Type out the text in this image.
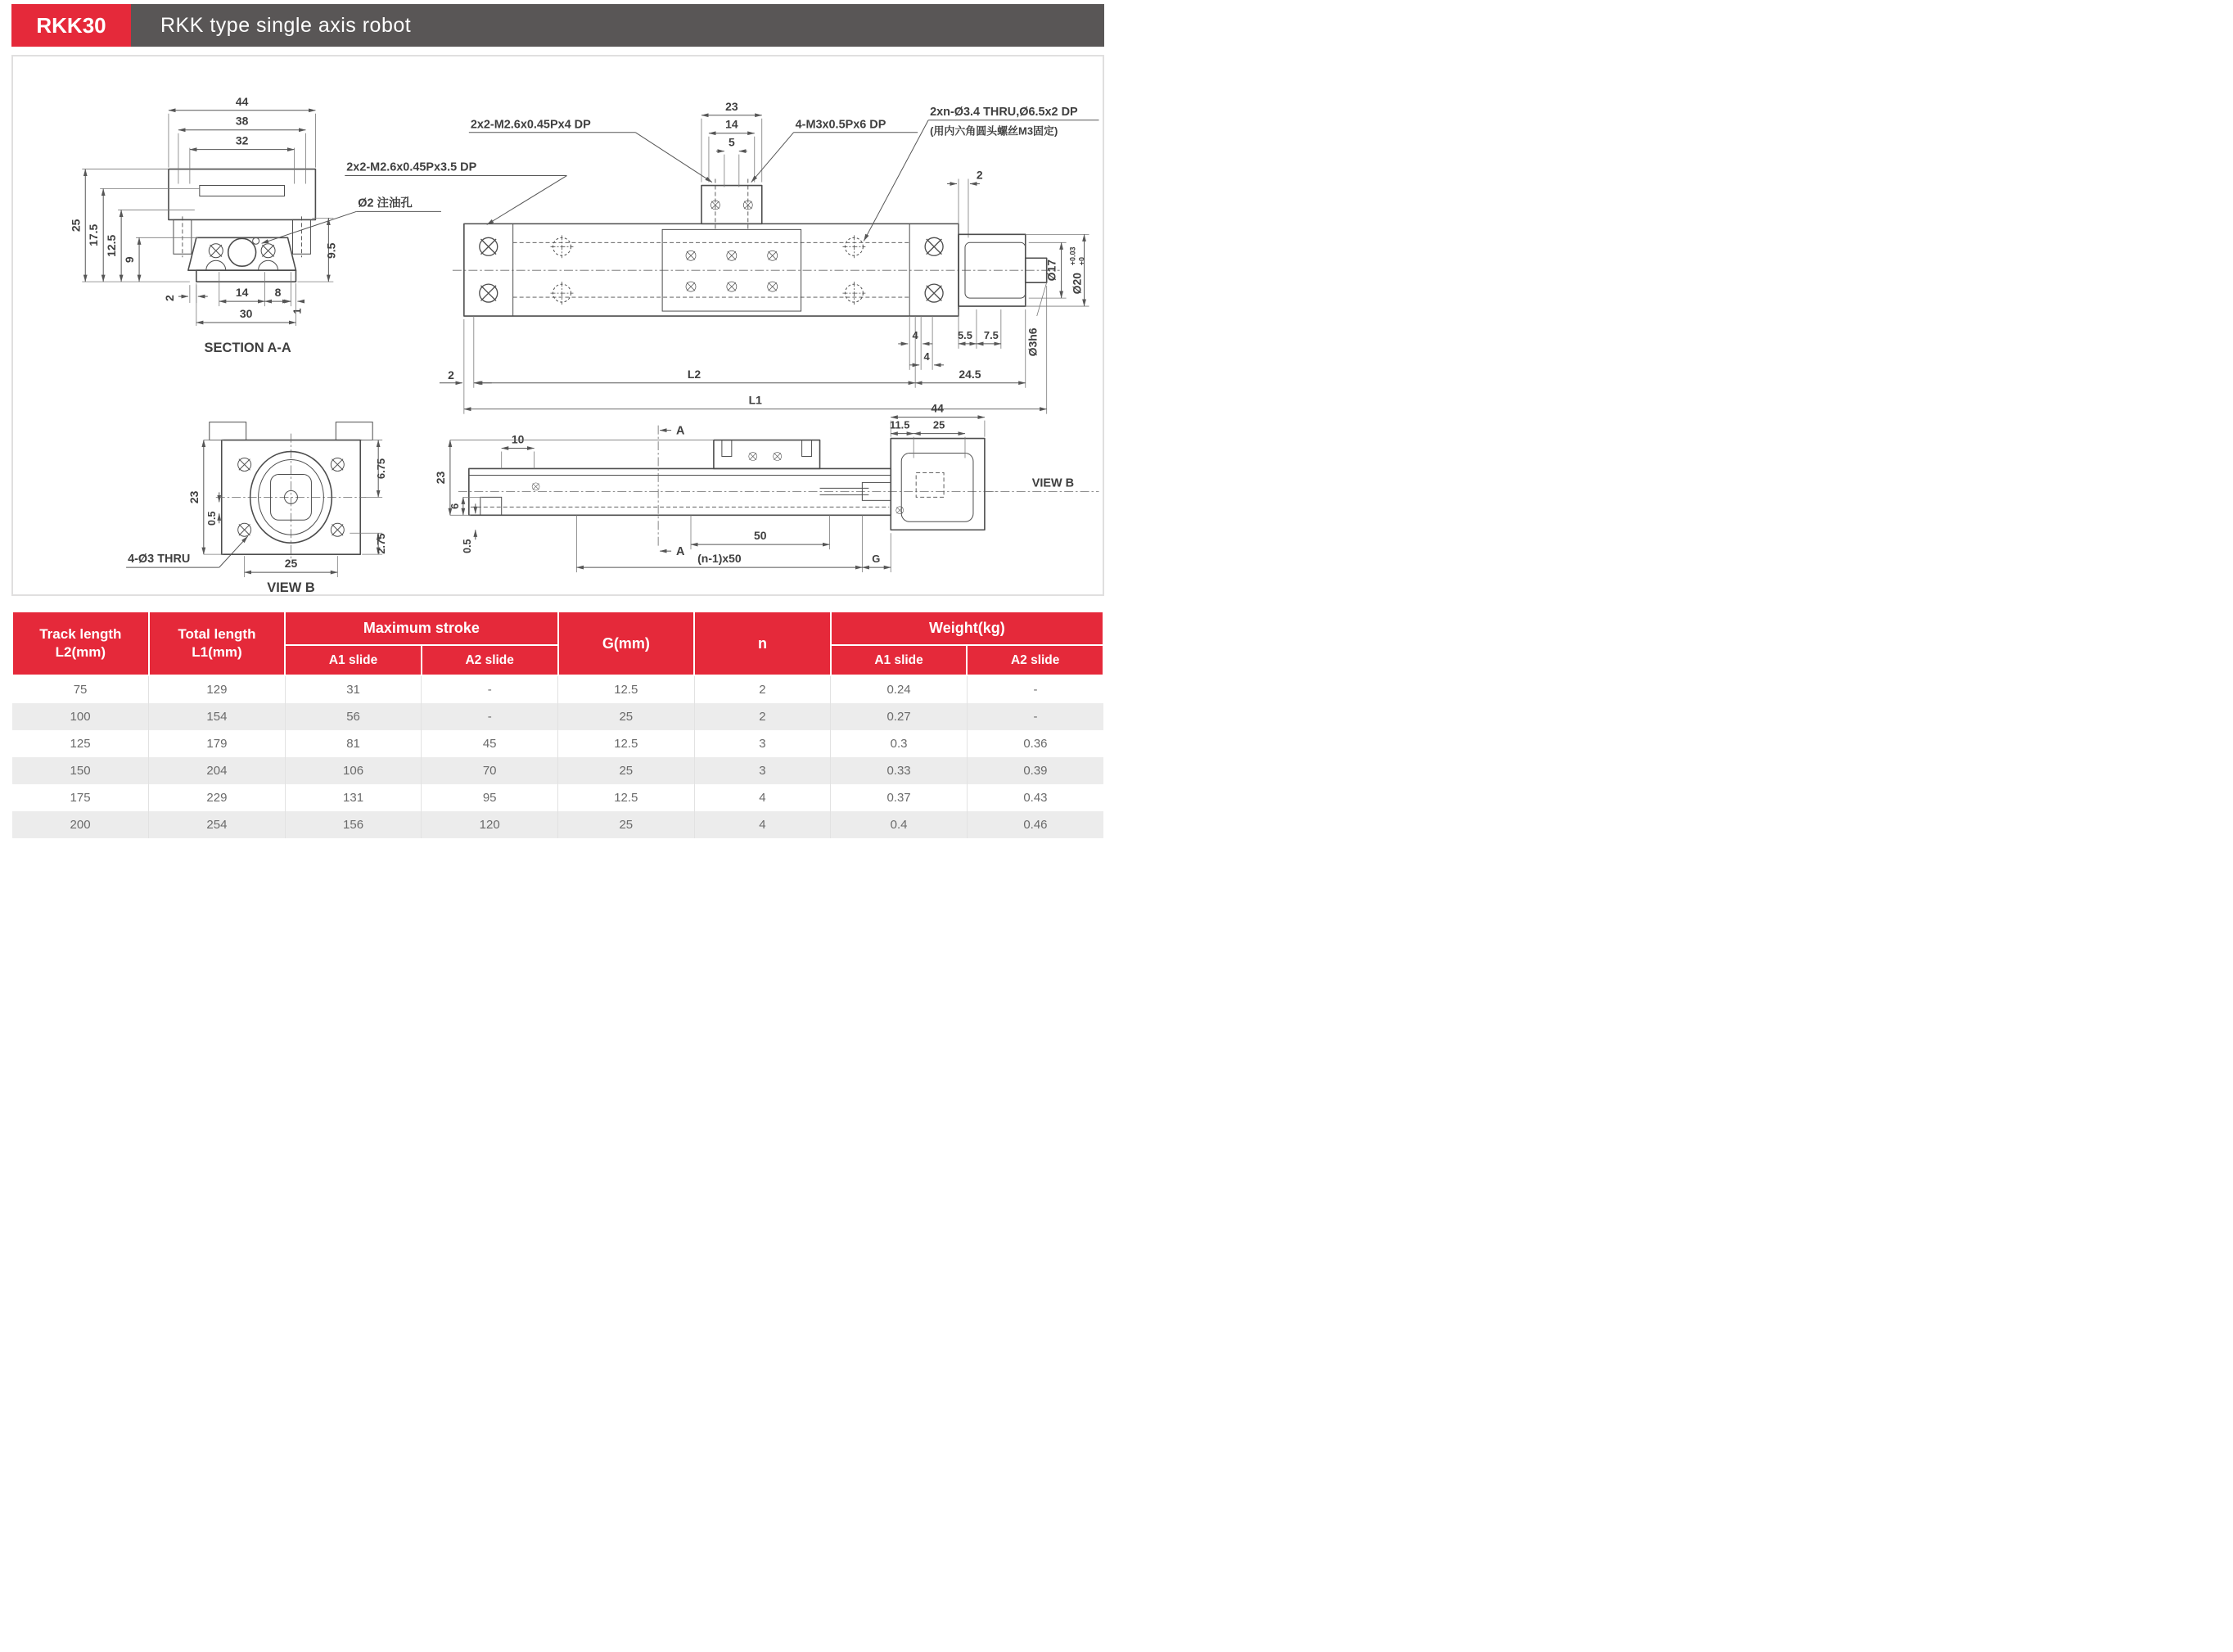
RKK30	RKK type single axis robot
44
38
32
25 17.5 12.5
9
2	14 8
1
30
9.5
SECTION A-A
2x2-M2.6x0.45Px3.5 DP
Ø2 注油孔
23
14
5
2x2-M2.6x0.45Px4 DP	4-M3x0.5Px6 DP
2xn-Ø3.4 THRU,Ø6.5x2 DP
(用内六角圆头螺丝M3固定)
2
Ø17
Ø20
+0.03 +0
Ø3h6
4	5.5 7.5
4
2	L2	24.5
L1
23
0.5
6.75
2.75
25
4-Ø3 THRU
VIEW B
10
A
A
23
6
0.5
50
(n-1)x50	G
44
11.5 25
VIEW B
Track length
L2(mm)

Total length
L1(mm)
	Maximum stroke	G(mm)	n	Weight(kg)
		A1 slide	A2 slide			A1 slide	A2 slide
75	129	31	-	12.5	2	0.24	-
100	154	56	-	25	2	0.27	-
125	179	81	45	12.5	3	0.3	0.36
150	204	106	70	25	3	0.33	0.39
175	229	131	95	12.5	4	0.37	0.43
200	254	156	120	25	4	0.4	0.46
